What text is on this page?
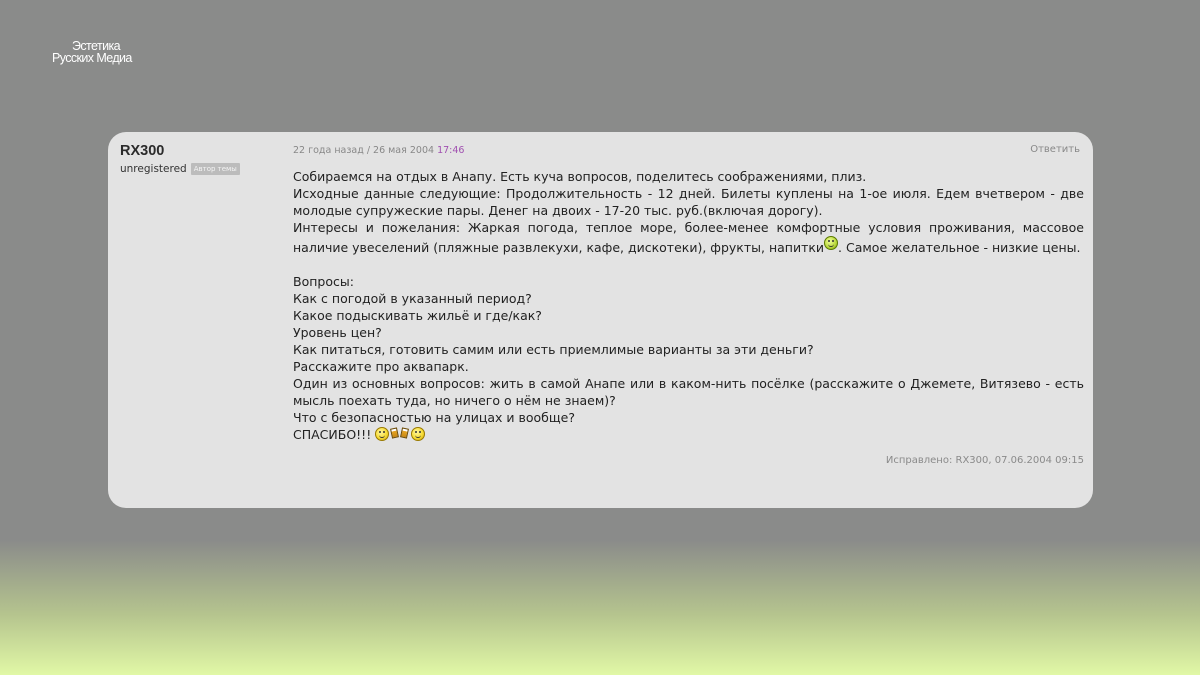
Эстетика
Русских Медиа
RX300
unregistered	Автор темы
22 года назад / 26 мая 2004 17:46	Ответить
Собираемся на отдых в Анапу. Есть куча вопросов, поделитесь соображениями, плиз.
Исходные данные следующие: Продолжительность - 12 дней. Билеты куплены на 1-ое июля. Едем вчетвером - две молодые супружеские пары. Денег на двоих - 17-20 тыс. руб.(включая дорогу).
Интересы и пожелания: Жаркая погода, теплое море, более-менее комфортные условия проживания, массовое наличие увеселений (пляжные развлекухи, кафе, дискотеки), фрукты, напитки . Самое желательное - низкие цены.
Вопросы:
Как с погодой в указанный период?
Какое подыскивать жильё и где/как?
Уровень цен?
Как питаться, готовить самим или есть приемлимые варианты за эти деньги?
Расскажите про аквапарк.
Один из основных вопросов: жить в самой Анапе или в каком-нить посёлке (расскажите о Джемете, Витязево - есть мысль поехать туда, но ничего о нём не знаем)?
Что с безопасностью на улицах и вообще?
СПАСИБО!!!
Исправлено: RX300, 07.06.2004 09:15
